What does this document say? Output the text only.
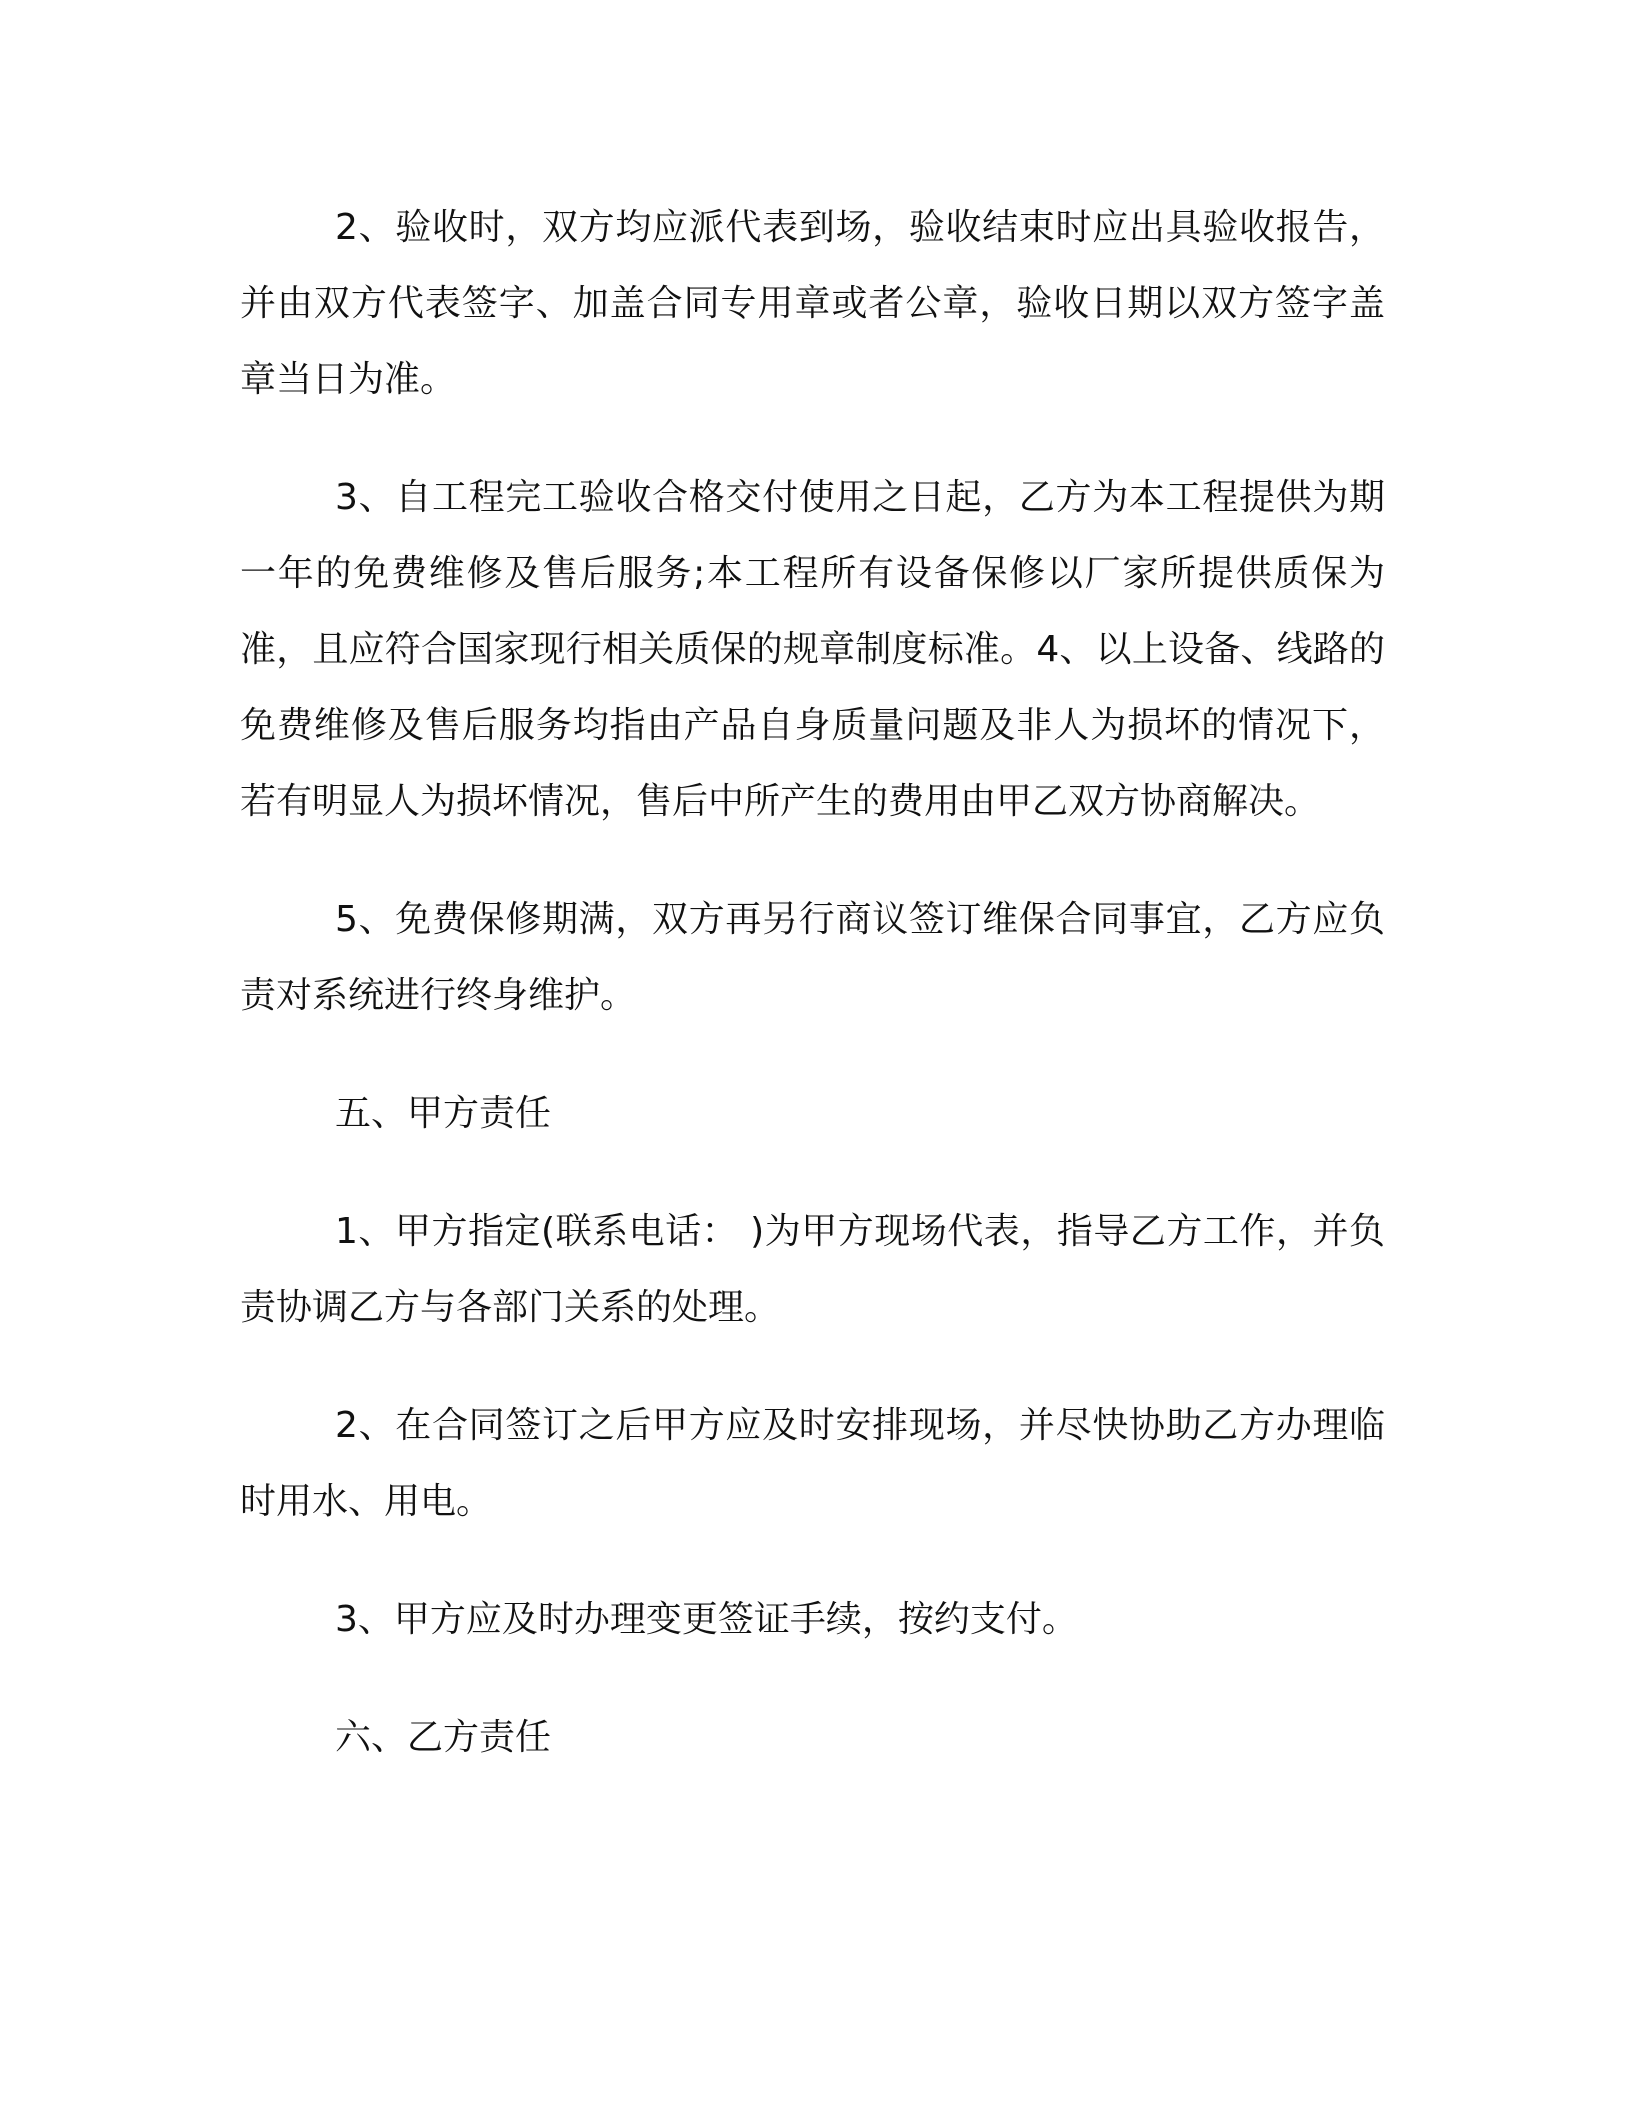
2、验收时，双方均应派代表到场，验收结束时应出具验收报告，并由双方代表签字、加盖合同专用章或者公章，验收日期以双方签字盖章当日为准。

3、自工程完工验收合格交付使用之日起，乙方为本工程提供为期一年的免费维修及售后服务;本工程所有设备保修以厂家所提供质保为准，且应符合国家现行相关质保的规章制度标准。4、以上设备、线路的免费维修及售后服务均指由产品自身质量问题及非人为损坏的情况下，若有明显人为损坏情况，售后中所产生的费用由甲乙双方协商解决。

5、免费保修期满，双方再另行商议签订维保合同事宜，乙方应负责对系统进行终身维护。

五、甲方责任

1、甲方指定(联系电话： )为甲方现场代表，指导乙方工作，并负责协调乙方与各部门关系的处理。

2、在合同签订之后甲方应及时安排现场，并尽快协助乙方办理临时用水、用电。

3、甲方应及时办理变更签证手续，按约支付。

六、乙方责任
